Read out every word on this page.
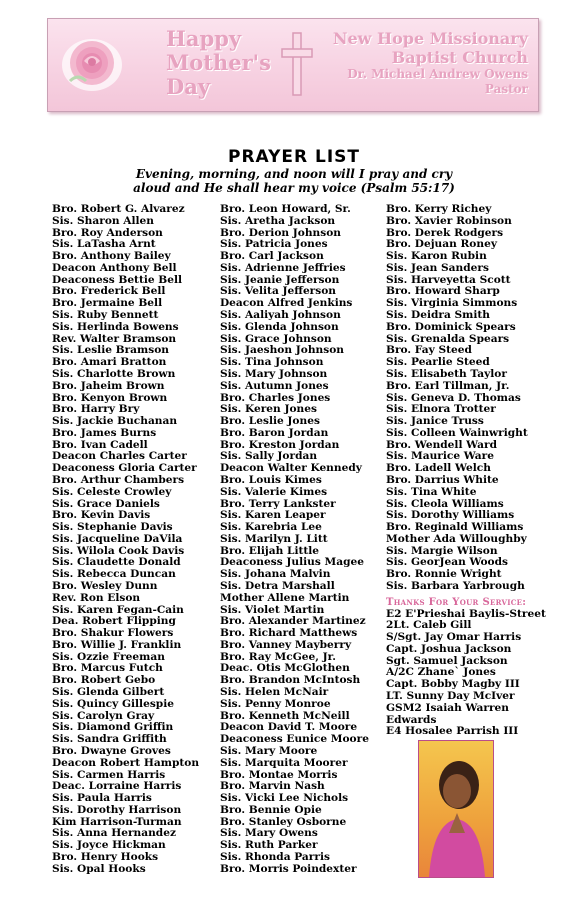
Happy
Mother's
Day
New Hope Missionary
Baptist Church
Dr. Michael Andrew Owens
Pastor
PRAYER LIST
Evening, morning, and noon will I pray and cry
aloud and He shall hear my voice (Psalm 55:17)
Bro. Robert G. Alvarez
Sis. Sharon Allen
Bro. Roy Anderson
Sis. LaTasha Arnt
Bro. Anthony Bailey
Deacon Anthony Bell
Deaconess Bettie Bell
Bro. Frederick Bell
Bro. Jermaine Bell
Sis. Ruby Bennett
Sis. Herlinda Bowens
Rev. Walter Bramson
Sis. Leslie Bramson
Bro. Amari Bratton
Sis. Charlotte Brown
Bro. Jaheim Brown
Bro. Kenyon Brown
Bro. Harry Bry
Sis. Jackie Buchanan
Bro. James Burns
Bro. Ivan Cadell
Deacon Charles Carter
Deaconess Gloria Carter
Bro. Arthur Chambers
Sis. Celeste Crowley
Sis. Grace Daniels
Bro. Kevin Davis
Sis. Stephanie Davis
Sis. Jacqueline DaVila
Sis. Wilola Cook Davis
Sis. Claudette Donald
Sis. Rebecca Duncan
Bro. Wesley Dunn
Rev. Ron Elson
Sis. Karen Fegan-Cain
Dea. Robert Flipping
Bro. Shakur Flowers
Bro. Willie J. Franklin
Sis. Ozzie Freeman
Bro. Marcus Futch
Bro. Robert Gebo
Sis. Glenda Gilbert
Sis. Quincy Gillespie
Sis. Carolyn Gray
Sis. Diamond Griffin
Sis. Sandra Griffith
Bro. Dwayne Groves
Deacon Robert Hampton
Sis. Carmen Harris
Deac. Lorraine Harris
Sis. Paula Harris
Sis. Dorothy Harrison
Kim Harrison-Turman
Sis. Anna Hernandez
Sis. Joyce Hickman
Bro. Henry Hooks
Sis. Opal Hooks
Bro. Leon Howard, Sr.
Sis. Aretha Jackson
Bro. Derion Johnson
Sis. Patricia Jones
Bro. Carl Jackson
Sis. Adrienne Jeffries
Sis. Jeanie Jefferson
Sis. Velita Jefferson
Deacon Alfred Jenkins
Sis. Aaliyah Johnson
Sis. Glenda Johnson
Sis. Grace Johnson
Sis. Jaeshon Johnson
Sis. Tina Johnson
Sis. Mary Johnson
Sis. Autumn Jones
Bro. Charles Jones
Sis. Keren Jones
Bro. Leslie Jones
Bro. Baron Jordan
Bro. Kreston Jordan
Sis. Sally Jordan
Deacon Walter Kennedy
Bro. Louis Kimes
Sis. Valerie Kimes
Bro. Terry Lankster
Sis. Karen Leaper
Sis. Karebria Lee
Sis. Marilyn J. Litt
Bro. Elijah Little
Deaconess Julius Magee
Sis. Johana Malvin
Sis. Detra Marshall
Mother Allene Martin
Sis. Violet Martin
Bro. Alexander Martinez
Bro. Richard Matthews
Bro. Vanney Mayberry
Bro. Ray McGee, Jr.
Deac. Otis McGlothen
Bro. Brandon McIntosh
Sis. Helen McNair
Sis. Penny Monroe
Bro. Kenneth McNeill
Deacon David T. Moore
Deaconess Eunice Moore
Sis. Mary Moore
Sis. Marquita Moorer
Bro. Montae Morris
Bro. Marvin Nash
Sis. Vicki Lee Nichols
Bro. Bennie Opie
Bro. Stanley Osborne
Sis. Mary Owens
Sis. Ruth Parker
Sis. Rhonda Parris
Bro. Morris Poindexter
Bro. Kerry Richey
Bro. Xavier Robinson
Bro. Derek Rodgers
Bro. Dejuan Roney
Sis. Karon Rubin
Sis. Jean Sanders
Sis. Harveyetta Scott
Bro. Howard Sharp
Sis. Virginia Simmons
Sis. Deidra Smith
Bro. Dominick Spears
Sis. Grenalda Spears
Bro. Fay Steed
Sis. Pearlie Steed
Sis. Elisabeth Taylor
Bro. Earl Tillman, Jr.
Sis. Geneva D. Thomas
Sis. Elnora Trotter
Sis. Janice Truss
Sis. Colleen Wainwright
Bro. Wendell Ward
Sis. Maurice Ware
Bro. Ladell Welch
Bro. Darrius White
Sis. Tina White
Sis. Cleola Williams
Sis. Dorothy Williams
Bro. Reginald Williams
Mother Ada Willoughby
Sis. Margie Wilson
Sis. GeorJean Woods
Bro. Ronnie Wright
Sis. Barbara Yarbrough
Thanks For Your Service:
E2 E'Prieshai Baylis-Street
2Lt. Caleb Gill
S/Sgt. Jay Omar Harris
Capt. Joshua Jackson
Sgt. Samuel Jackson
A/2C Zhane` Jones
Capt. Bobby Magby III
LT. Sunny Day McIver
GSM2 Isaiah Warren
Edwards
E4 Hosalee Parrish III
